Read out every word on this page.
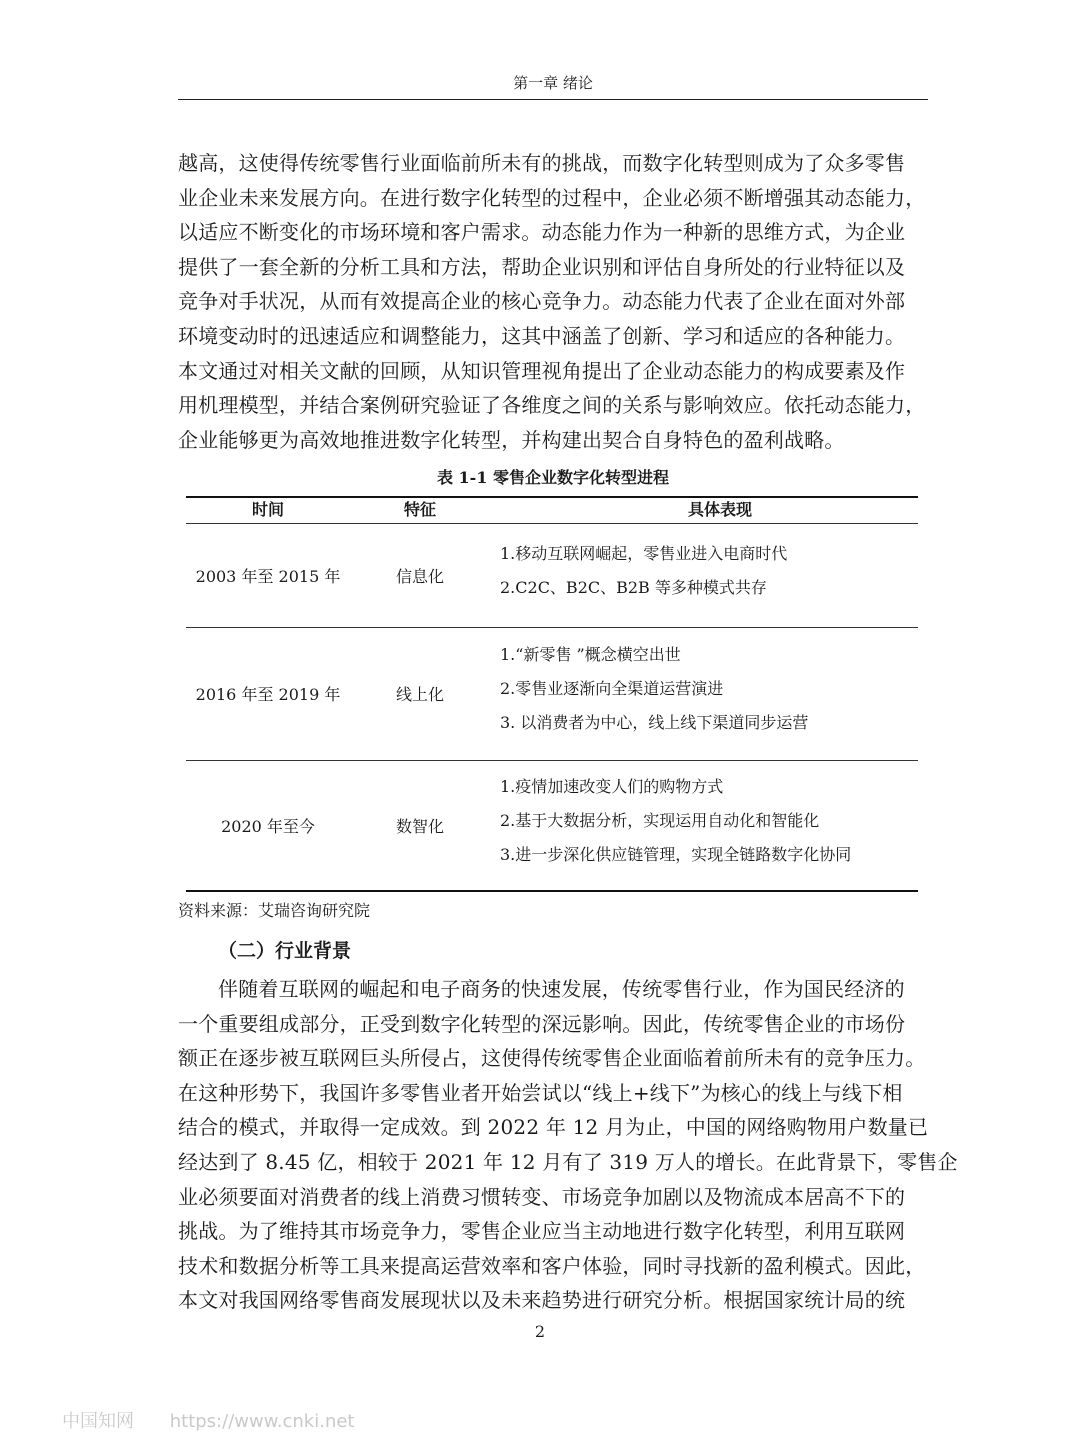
第一章 绪论
越高，这使得传统零售行业面临前所未有的挑战，而数字化转型则成为了众多零售
业企业未来发展方向。在进行数字化转型的过程中，企业必须不断增强其动态能力，
以适应不断变化的市场环境和客户需求。动态能力作为一种新的思维方式，为企业
提供了一套全新的分析工具和方法，帮助企业识别和评估自身所处的行业特征以及
竞争对手状况，从而有效提高企业的核心竞争力。动态能力代表了企业在面对外部
环境变动时的迅速适应和调整能力，这其中涵盖了创新、学习和适应的各种能力。
本文通过对相关文献的回顾，从知识管理视角提出了企业动态能力的构成要素及作
用机理模型，并结合案例研究验证了各维度之间的关系与影响效应。依托动态能力，
企业能够更为高效地推进数字化转型，并构建出契合自身特色的盈利战略。
表 1-1 零售企业数字化转型进程
时间	特征	具体表现
2003 年至 2015 年	信息化
1.移动互联网崛起，零售业进入电商时代
2.C2C、B2C、B2B 等多种模式共存
2016 年至 2019 年	线上化
1.“新零售 ”概念横空出世
2.零售业逐渐向全渠道运营演进
3. 以消费者为中心，线上线下渠道同步运营
2020 年至今	数智化
1.疫情加速改变人们的购物方式
2.基于大数据分析，实现运用自动化和智能化
3.进一步深化供应链管理，实现全链路数字化协同
资料来源：艾瑞咨询研究院
（二）行业背景
伴随着互联网的崛起和电子商务的快速发展，传统零售行业，作为国民经济的
一个重要组成部分，正受到数字化转型的深远影响。因此，传统零售企业的市场份
额正在逐步被互联网巨头所侵占，这使得传统零售企业面临着前所未有的竞争压力。
在这种形势下，我国许多零售业者开始尝试以“线上+线下”为核心的线上与线下相
结合的模式，并取得一定成效。到 2022 年 12 月为止，中国的网络购物用户数量已
经达到了 8.45 亿，相较于 2021 年 12 月有了 319 万人的增长。在此背景下，零售企
业必须要面对消费者的线上消费习惯转变、市场竞争加剧以及物流成本居高不下的
挑战。为了维持其市场竞争力，零售企业应当主动地进行数字化转型，利用互联网
技术和数据分析等工具来提高运营效率和客户体验，同时寻找新的盈利模式。因此，
本文对我国网络零售商发展现状以及未来趋势进行研究分析。根据国家统计局的统
2
中国知网 https://www.cnki.net
